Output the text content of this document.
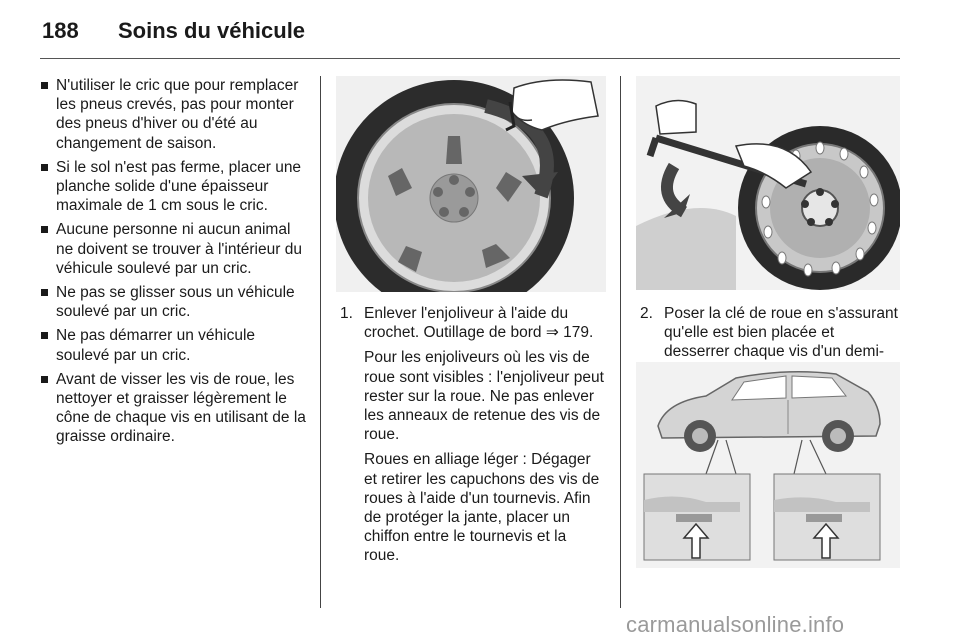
188 Soins du véhicule
N'utiliser le cric que pour remplacer les pneus crevés, pas pour monter des pneus d'hiver ou d'été au changement de saison.
Si le sol n'est pas ferme, placer une planche solide d'une épaisseur maximale de 1 cm sous le cric.
Aucune personne ni aucun animal ne doivent se trouver à l'intérieur du véhicule soulevé par un cric.
Ne pas se glisser sous un véhicule soulevé par un cric.
Ne pas démarrer un véhicule soulevé par un cric.
Avant de visser les vis de roue, les nettoyer et graisser légèrement le cône de chaque vis en utilisant de la graisse ordinaire.
1. Enlever l'enjoliveur à l'aide du crochet. Outillage de bord ⇒ 179.

Pour les enjoliveurs où les vis de roue sont visibles : l'enjoliveur peut rester sur la roue. Ne pas enlever les anneaux de retenue des vis de roue.

Roues en alliage léger : Dégager et retirer les capuchons des vis de roues à l'aide d'un tournevis. Afin de protéger la jante, placer un chiffon entre le tournevis et la roue.

2. Poser la clé de roue en s'assurant qu'elle est bien placée et desserrer chaque vis d'un demi-

carmanualsonline.info
